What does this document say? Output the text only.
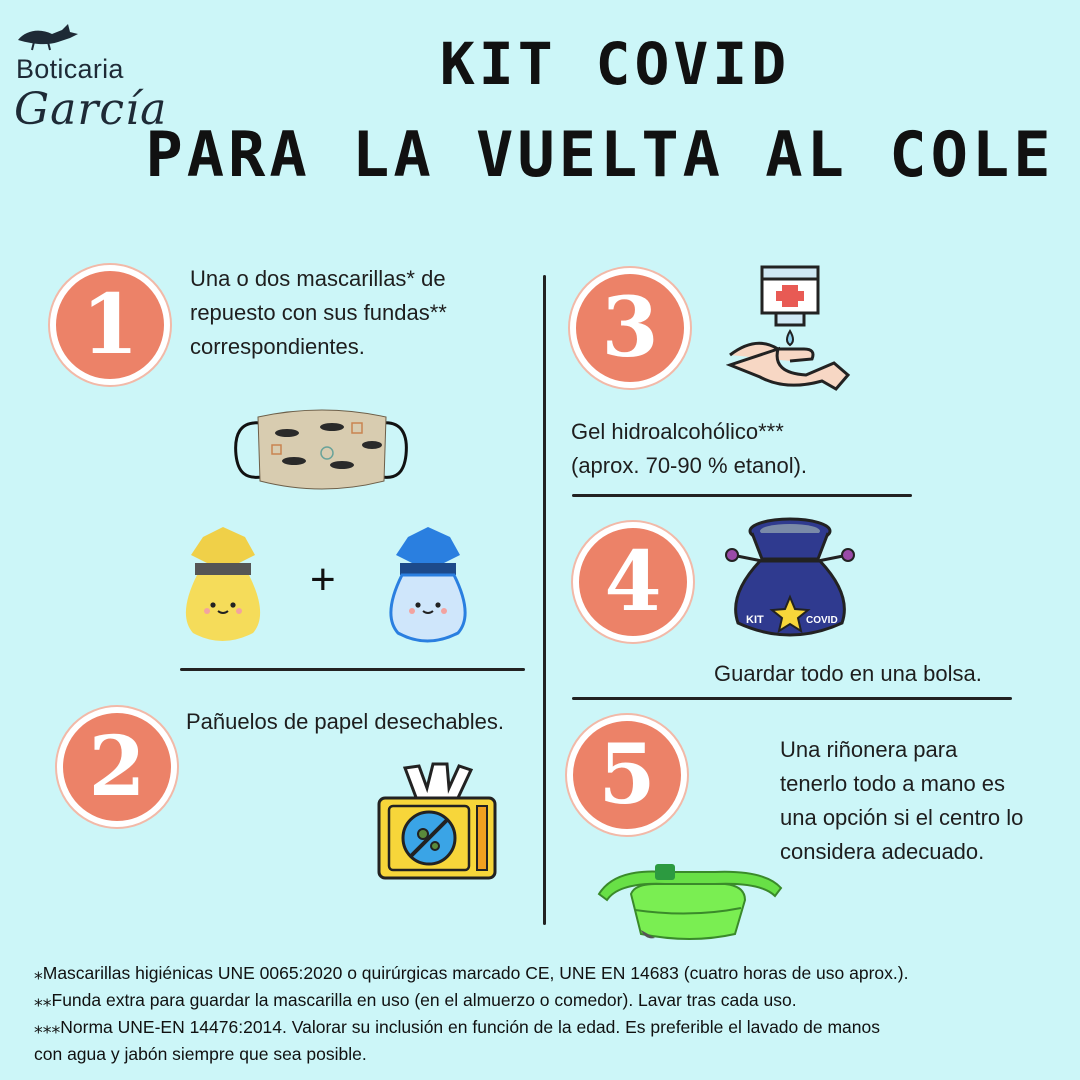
Boticaria
García
KIT COVID
PARA LA VUELTA AL COLE
1 Una o dos mascarillas* de
repuesto con sus fundas**
correspondientes.
+
2 Pañuelos de papel desechables.
3
Gel hidroalcohólico***
(aprox. 70-90 % etanol).
4	KIT	COVID
Guardar todo en una bolsa.
5	Una riñonera para
tenerlo todo a mano es
una opción si el centro lo
considera adecuado.
⁎Mascarillas higiénicas UNE 0065:2020 o quirúrgicas marcado CE, UNE EN 14683 (cuatro horas de uso aprox.).
⁎⁎Funda extra para guardar la mascarilla en uso (en el almuerzo o comedor). Lavar tras cada uso.
⁎⁎⁎Norma UNE-EN 14476:2014. Valorar su inclusión en función de la edad. Es preferible el lavado de manos
con agua y jabón siempre que sea posible.
